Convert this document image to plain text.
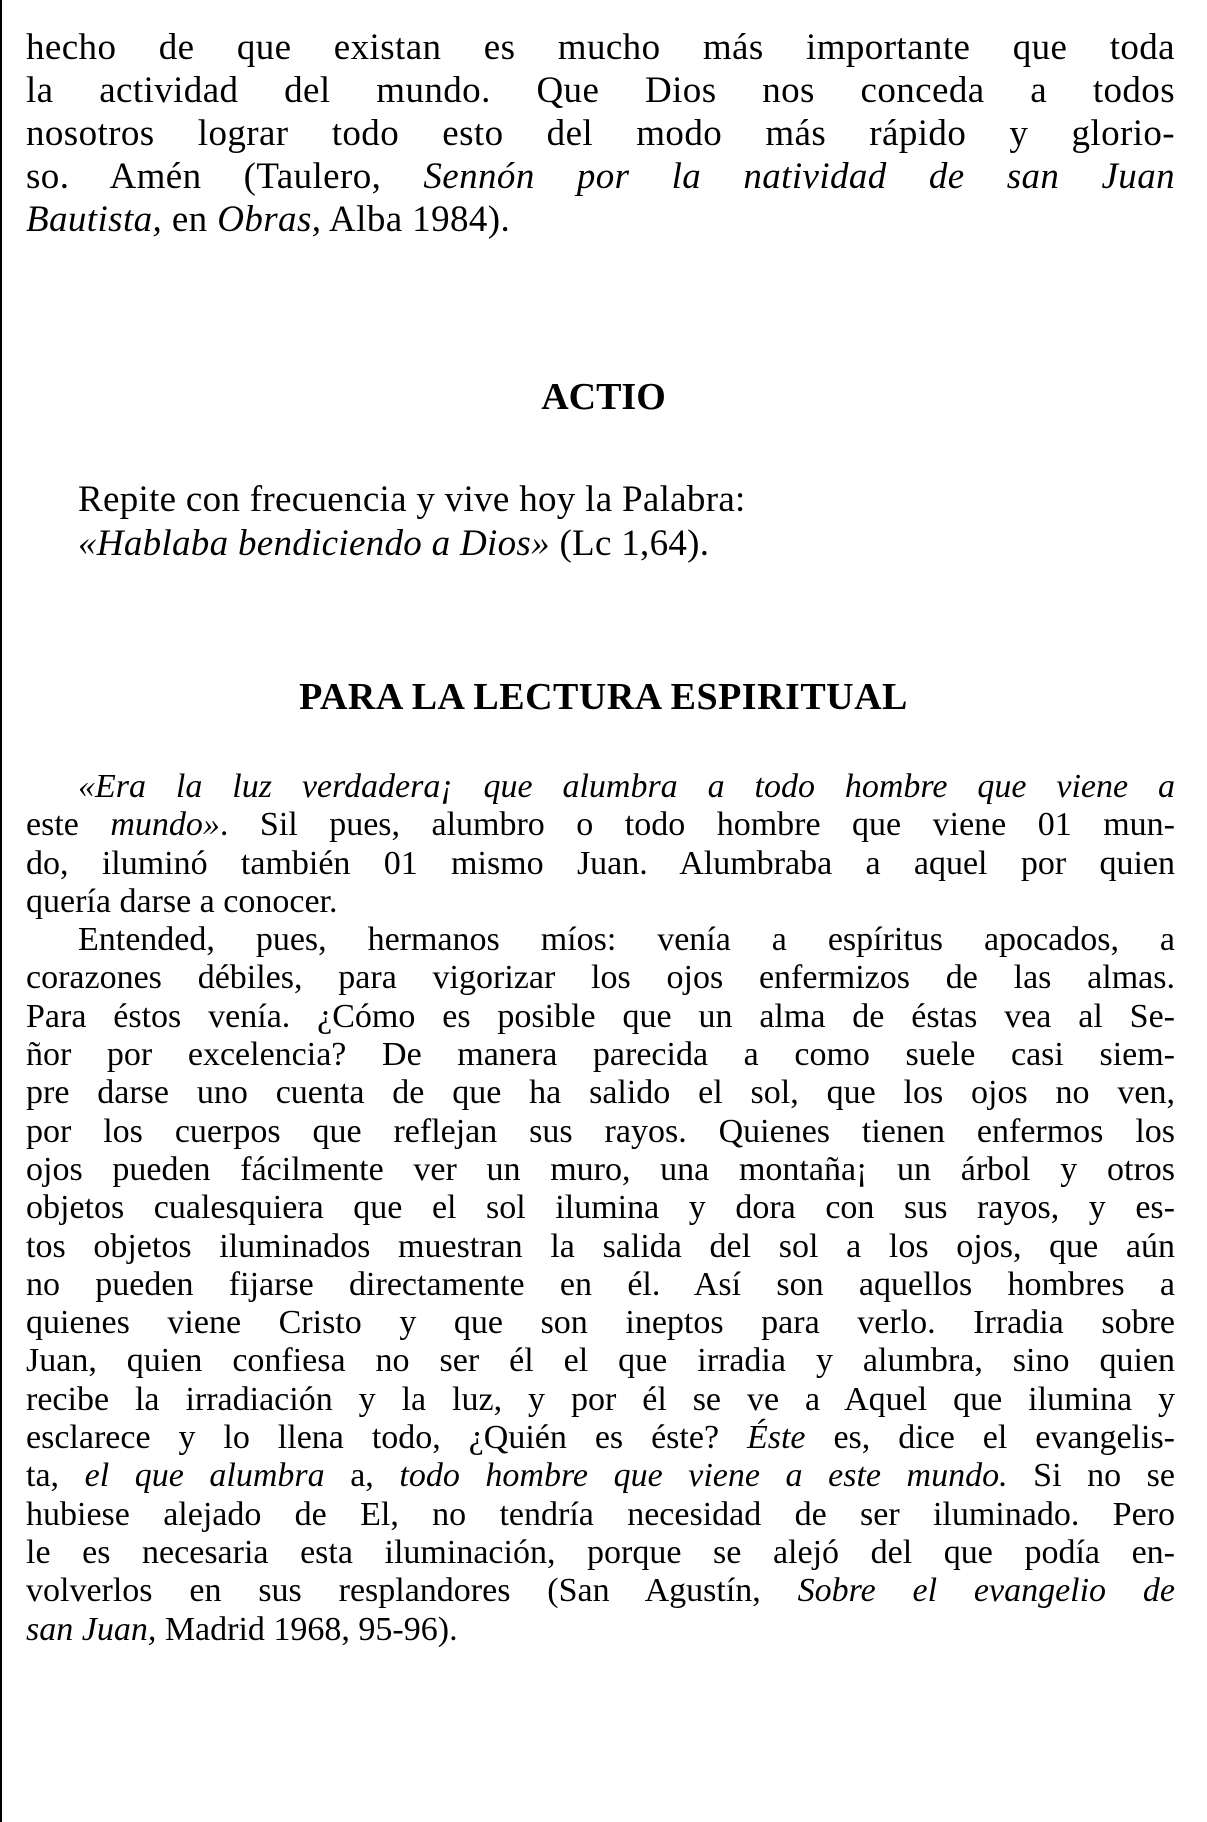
hecho de que existan es mucho más importante que toda
la actividad del mundo. Que Dios nos conceda a todos
nosotros lograr todo esto del modo más rápido y glorio-
so. Amén (Taulero, Sennón por la natividad de san Juan
Bautista, en Obras, Alba 1984).
ACTIO
Repite con frecuencia y vive hoy la Palabra:
«Hablaba bendiciendo a Dios» (Lc 1,64).
PARA LA LECTURA ESPIRITUAL
«Era la luz verdadera¡ que alumbra a todo hombre que viene a
este mundo». Sil pues, alumbro o todo hombre que viene 01 mun-
do, iluminó también 01 mismo Juan. Alumbraba a aquel por quien
quería darse a conocer.
Entended, pues, hermanos míos: venía a espíritus apocados, a
corazones débiles, para vigorizar los ojos enfermizos de las almas.
Para éstos venía. ¿Cómo es posible que un alma de éstas vea al Se-
ñor por excelencia? De manera parecida a como suele casi siem-
pre darse uno cuenta de que ha salido el sol, que los ojos no ven,
por los cuerpos que reflejan sus rayos. Quienes tienen enfermos los
ojos pueden fácilmente ver un muro, una montaña¡ un árbol y otros
objetos cualesquiera que el sol ilumina y dora con sus rayos, y es-
tos objetos iluminados muestran la salida del sol a los ojos, que aún
no pueden fijarse directamente en él. Así son aquellos hombres a
quienes viene Cristo y que son ineptos para verlo. Irradia sobre
Juan, quien confiesa no ser él el que irradia y alumbra, sino quien
recibe la irradiación y la luz, y por él se ve a Aquel que ilumina y
esclarece y lo llena todo, ¿Quién es éste? Éste es, dice el evangelis-
ta, el que alumbra a, todo hombre que viene a este mundo. Si no se
hubiese alejado de El, no tendría necesidad de ser iluminado. Pero
le es necesaria esta iluminación, porque se alejó del que podía en-
volverlos en sus resplandores (San Agustín, Sobre el evangelio de
san Juan, Madrid 1968, 95-96).
